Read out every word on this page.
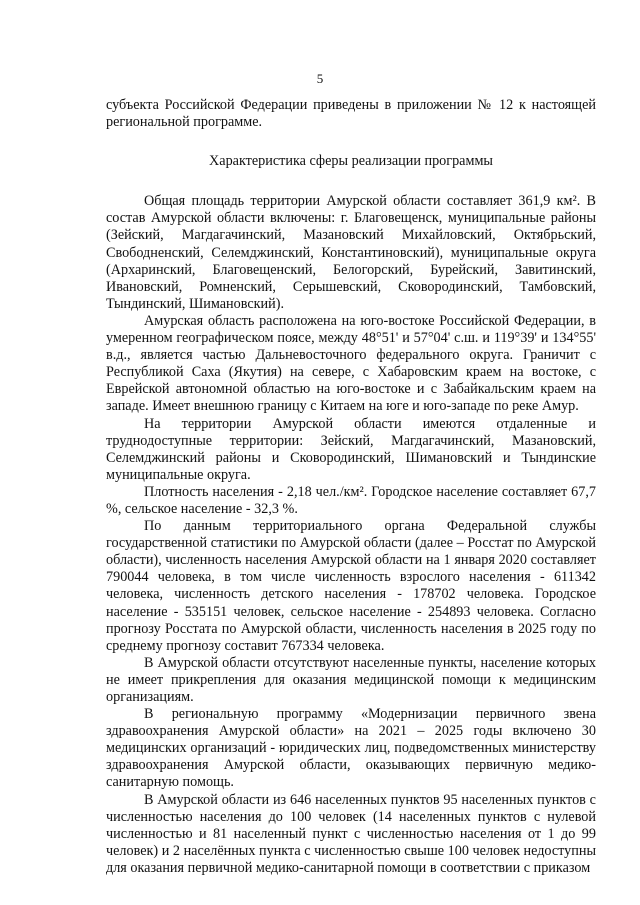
5

субъекта Российской Федерации приведены в приложении № 12 к настоящей региональной программе.

Характеристика сферы реализации программы

Общая площадь территории Амурской области составляет 361,9 км². В состав Амурской области включены: г. Благовещенск, муниципальные районы (Зейский, Магдагачинский, Мазановский Михайловский, Октябрьский, Свободненский, Селемджинский, Константиновский), муниципальные округа (Архаринский, Благовещенский, Белогорский, Бурейский, Завитинский, Ивановский, Ромненский, Серышевский, Сковородинский, Тамбовский, Тындинский, Шимановский).

Амурская область расположена на юго-востоке Российской Федерации, в умеренном географическом поясе, между 48°51' и 57°04' с.ш. и 119°39' и 134°55' в.д., является частью Дальневосточного федерального округа. Граничит с Республикой Саха (Якутия) на севере, с Хабаровским краем на востоке, с Еврейской автономной областью на юго-востоке и с Забайкальским краем на западе. Имеет внешнюю границу с Китаем на юге и юго-западе по реке Амур.

На территории Амурской области имеются отдаленные и труднодоступные территории: Зейский, Магдагачинский, Мазановский, Селемджинский районы и Сковородинский, Шимановский и Тындинские муниципальные округа.

Плотность населения - 2,18 чел./км². Городское население составляет 67,7 %, сельское население - 32,3 %.

По данным территориального органа Федеральной службы государственной статистики по Амурской области (далее – Росстат по Амурской области), численность населения Амурской области на 1 января 2020 составляет 790044 человека, в том числе численность взрослого населения - 611342 человека, численность детского населения - 178702 человека. Городское население - 535151 человек, сельское население - 254893 человека. Согласно прогнозу Росстата по Амурской области, численность населения в 2025 году по среднему прогнозу составит 767334 человека.

В Амурской области отсутствуют населенные пункты, население которых не имеет прикрепления для оказания медицинской помощи к медицинским организациям.

В региональную программу «Модернизации первичного звена здравоохранения Амурской области» на 2021 – 2025 годы включено 30 медицинских организаций - юридических лиц, подведомственных министерству здравоохранения Амурской области, оказывающих первичную медико-санитарную помощь.

В Амурской области из 646 населенных пунктов 95 населенных пунктов с численностью населения до 100 человек (14 населенных пунктов с нулевой численностью и 81 населенный пункт с численностью населения от 1 до 99 человек) и 2 населённых пункта с численностью свыше 100 человек недоступны для оказания первичной медико-санитарной помощи в соответствии с приказом
